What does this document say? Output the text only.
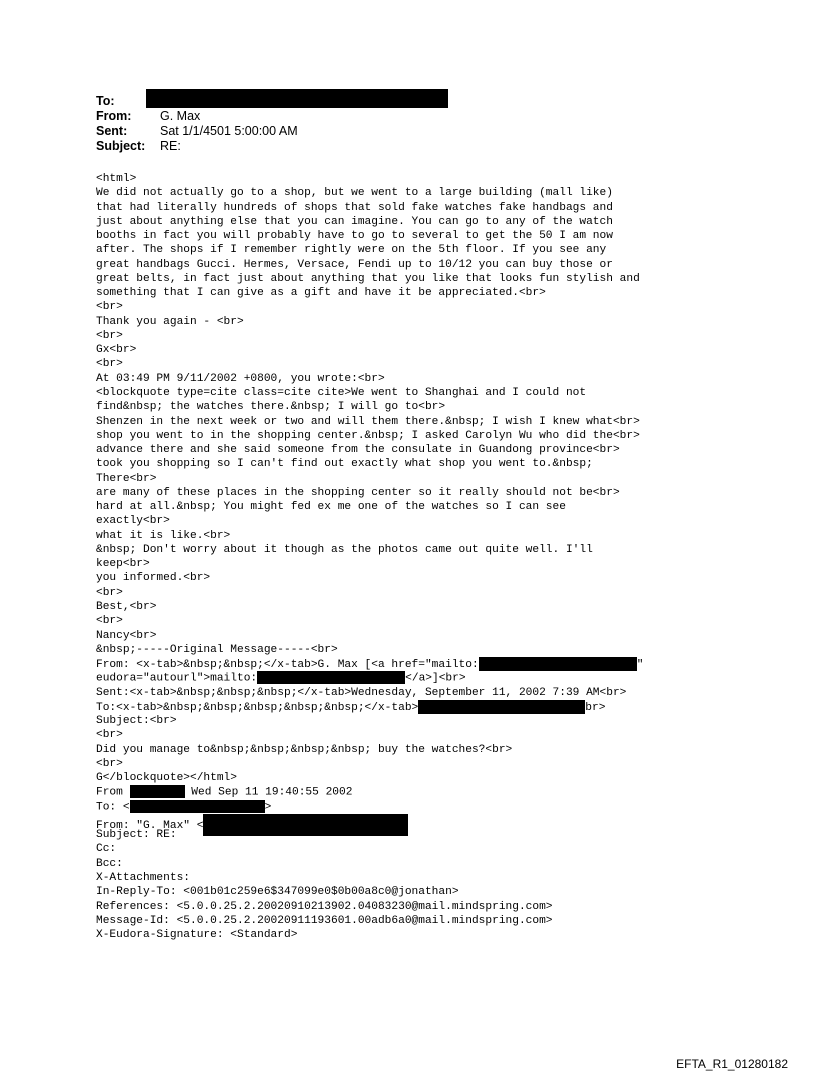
To:
From:	G. Max
Sent:	Sat 1/1/4501 5:00:00 AM
Subject:	RE:
<html>
We did not actually go to a shop, but we went to a large building (mall like)
that had literally hundreds of shops that sold fake watches fake handbags and
just about anything else that you can imagine. You can go to any of the watch
booths in fact you will probably have to go to several to get the 50 I am now
after. The shops if I remember rightly were on the 5th floor. If you see any
great handbags Gucci. Hermes, Versace, Fendi up to 10/12 you can buy those or
great belts, in fact just about anything that you like that looks fun stylish and
something that I can give as a gift and have it be appreciated.<br>
<br>
Thank you again - <br>
<br>
Gx<br>
<br>
At 03:49 PM 9/11/2002 +0800, you wrote:<br>
<blockquote type=cite class=cite cite>We went to Shanghai and I could not
find&nbsp; the watches there.&nbsp; I will go to<br>
Shenzen in the next week or two and will them there.&nbsp; I wish I knew what<br>
shop you went to in the shopping center.&nbsp; I asked Carolyn Wu who did the<br>
advance there and she said someone from the consulate in Guandong province<br>
took you shopping so I can't find out exactly what shop you went to.&nbsp;
There<br>
are many of these places in the shopping center so it really should not be<br>
hard at all.&nbsp; You might fed ex me one of the watches so I can see
exactly<br>
what it is like.<br>
&nbsp; Don't worry about it though as the photos came out quite well. I'll
keep<br>
you informed.<br>
<br>
Best,<br>
<br>
Nancy<br>
&nbsp;-----Original Message-----<br>
From: <x-tab>&nbsp;&nbsp;</x-tab>G. Max [<a href="mailto:	"
eudora="autourl">mailto:	</a>]<br>
Sent:<x-tab>&nbsp;&nbsp;&nbsp;</x-tab>Wednesday, September 11, 2002 7:39 AM<br>
To:<x-tab>&nbsp;&nbsp;&nbsp;&nbsp;&nbsp;</x-tab>	br>
Subject:<br>
<br>
Did you manage to&nbsp;&nbsp;&nbsp;&nbsp; buy the watches?<br>
<br>
G</blockquote></html>
From	Wed Sep 11 19:40:55 2002
To: <	>
From: "G. Max" <
Subject: RE:
Cc:
Bcc:
X-Attachments:
In-Reply-To: <001b01c259e6$347099e0$0b00a8c0@jonathan>
References: <5.0.0.25.2.20020910213902.04083230@mail.mindspring.com>
Message-Id: <5.0.0.25.2.20020911193601.00adb6a0@mail.mindspring.com>
X-Eudora-Signature: <Standard>
EFTA_R1_01280182
